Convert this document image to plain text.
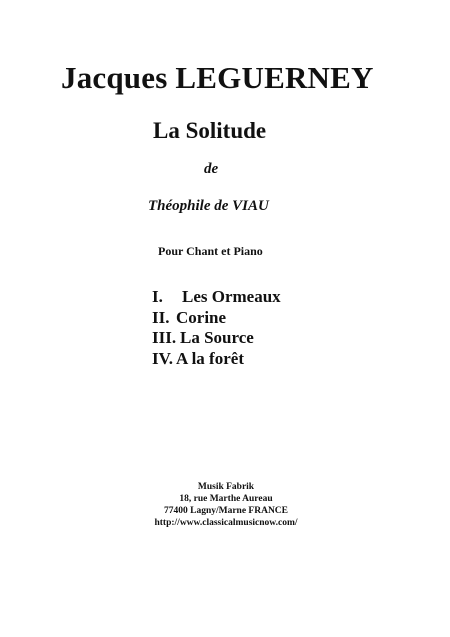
Jacques LEGUERNEY
La Solitude
de
Théophile de VIAU
Pour Chant et Piano
I. Les Ormeaux
II. Corine
III. La Source
IV. A la forêt
Musik Fabrik
18, rue Marthe Aureau
77400 Lagny/Marne FRANCE
http://www.classicalmusicnow.com/
